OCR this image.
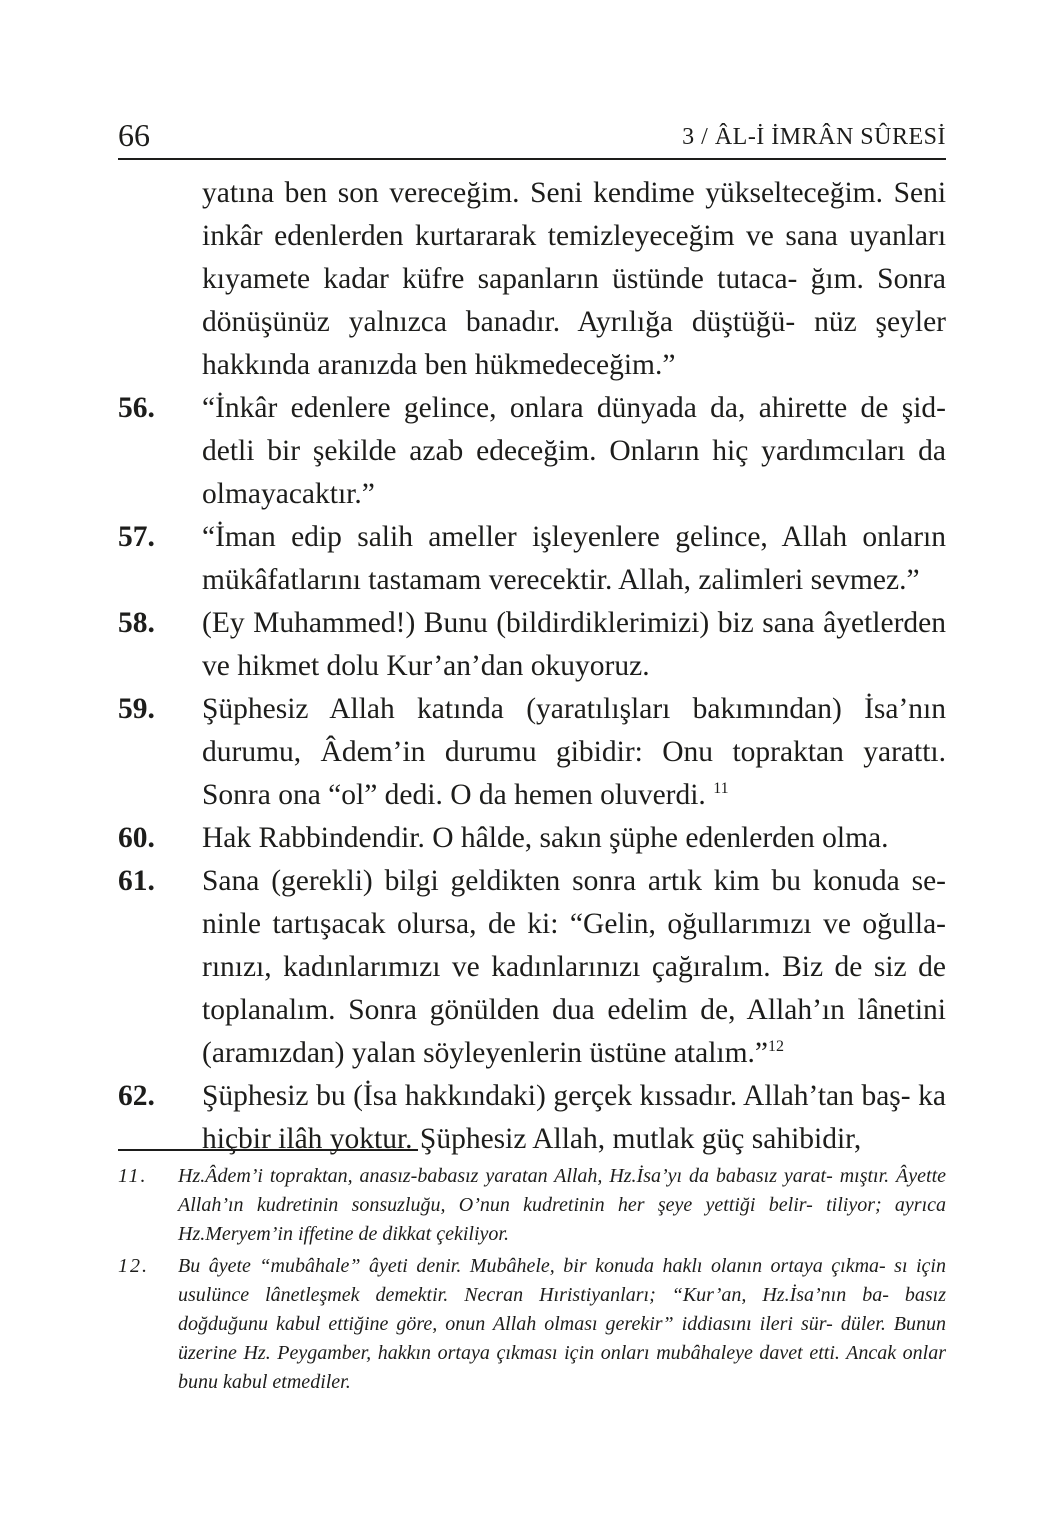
66	3 / ÂL-İ İMRÂN SÛRESİ
yatına ben son vereceğim. Seni kendime yükselteceğim. Seni inkâr edenlerden kurtararak temizleyeceğim ve sana uyanları kıyamete kadar küfre sapanların üstünde tutaca- ğım. Sonra dönüşünüz yalnızca banadır. Ayrılığa düştüğü- nüz şeyler hakkında aranızda ben hükmedeceğim.”
56. “İnkâr edenlere gelince, onlara dünyada da, ahirette de şid- detli bir şekilde azab edeceğim. Onların hiç yardımcıları da olmayacaktır.”
57. “İman edip salih ameller işleyenlere gelince, Allah onların mükâfatlarını tastamam verecektir. Allah, zalimleri sevmez.”
58. (Ey Muhammed!) Bunu (bildirdiklerimizi) biz sana âyetlerden ve hikmet dolu Kur’an’dan okuyoruz.
59. Şüphesiz Allah katında (yaratılışları bakımından) İsa’nın durumu, Âdem’in durumu gibidir: Onu topraktan yarattı. Sonra ona “ol” dedi. O da hemen oluverdi. $^{11}$
60. Hak Rabbindendir. O hâlde, sakın şüphe edenlerden olma.
61. Sana (gerekli) bilgi geldikten sonra artık kim bu konuda se- ninle tartışacak olursa, de ki: “Gelin, oğullarımızı ve oğulla- rınızı, kadınlarımızı ve kadınlarınızı çağıralım. Biz de siz de toplanalım. Sonra gönülden dua edelim de, Allah’ın lânetini (aramızdan) yalan söyleyenlerin üstüne atalım.”$^{12}$
62. Şüphesiz bu (İsa hakkındaki) gerçek kıssadır. Allah’tan baş- ka hiçbir ilâh yoktur. Şüphesiz Allah, mutlak güç sahibidir,
11. Hz.Âdem’i topraktan, anasız-babasız yaratan Allah, Hz.İsa’yı da babasız yarat- mıştır. Âyette Allah’ın kudretinin sonsuzluğu, O’nun kudretinin her şeye yettiği belir- tiliyor; ayrıca Hz.Meryem’in iffetine de dikkat çekiliyor.
12. Bu âyete “mubâhale” âyeti denir. Mubâhele, bir konuda haklı olanın ortaya çıkma- sı için usulünce lânetleşmek demektir. Necran Hıristiyanları; “Kur’an, Hz.İsa’nın ba- basız doğduğunu kabul ettiğine göre, onun Allah olması gerekir” iddiasını ileri sür- düler. Bunun üzerine Hz. Peygamber, hakkın ortaya çıkması için onları mubâhaleye davet etti. Ancak onlar bunu kabul etmediler.
